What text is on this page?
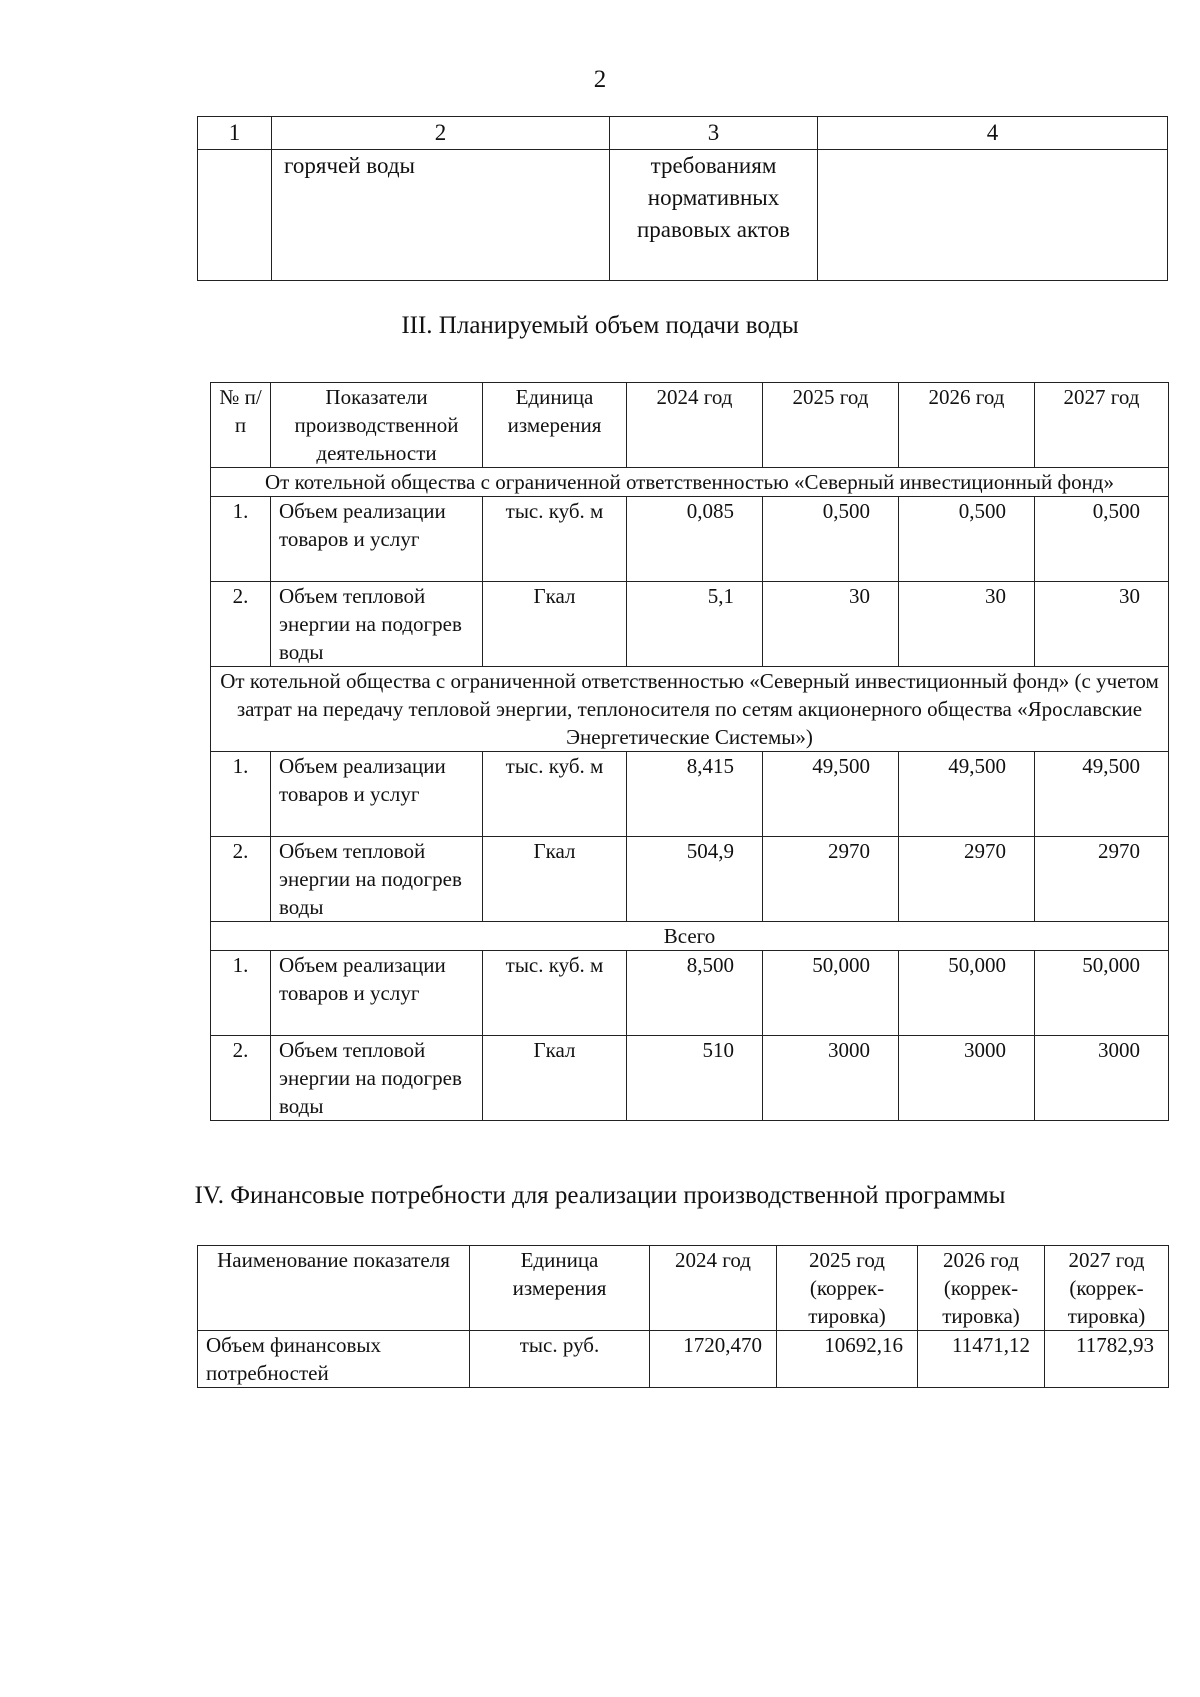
2
1	2	3	4
	горячей воды	требованиям нормативных правовых актов	
III. Планируемый объем подачи воды
№ п/п	Показатели производственной деятельности	Единица измерения	2024 год	2025 год	2026 год	2027 год
От котельной общества с ограниченной ответственностью «Северный инвестиционный фонд»						
1.	Объем реализации товаров и услуг	тыс. куб. м	0,085	0,500	0,500	0,500
2.	Объем тепловой энергии на подогрев воды	Гкал	5,1	30	30	30
От котельной общества с ограниченной ответственностью «Северный инвестиционный фонд» (с учетом затрат на передачу тепловой энергии, теплоносителя по сетям акционерного общества «Ярославские Энергетические Системы»)						
1.	Объем реализации товаров и услуг	тыс. куб. м	8,415	49,500	49,500	49,500
2.	Объем тепловой энергии на подогрев воды	Гкал	504,9	2970	2970	2970
Всего						
1.	Объем реализации товаров и услуг	тыс. куб. м	8,500	50,000	50,000	50,000
2.	Объем тепловой энергии на подогрев воды	Гкал	510	3000	3000	3000
IV. Финансовые потребности для реализации производственной программы
Наименование показателя	Единица измерения	2024 год	2025 год (коррек-тировка)	2026 год (коррек-тировка)	2027 год (коррек-тировка)
Объем финансовых потребностей	тыс. руб.	1720,470	10692,16	11471,12	11782,93
